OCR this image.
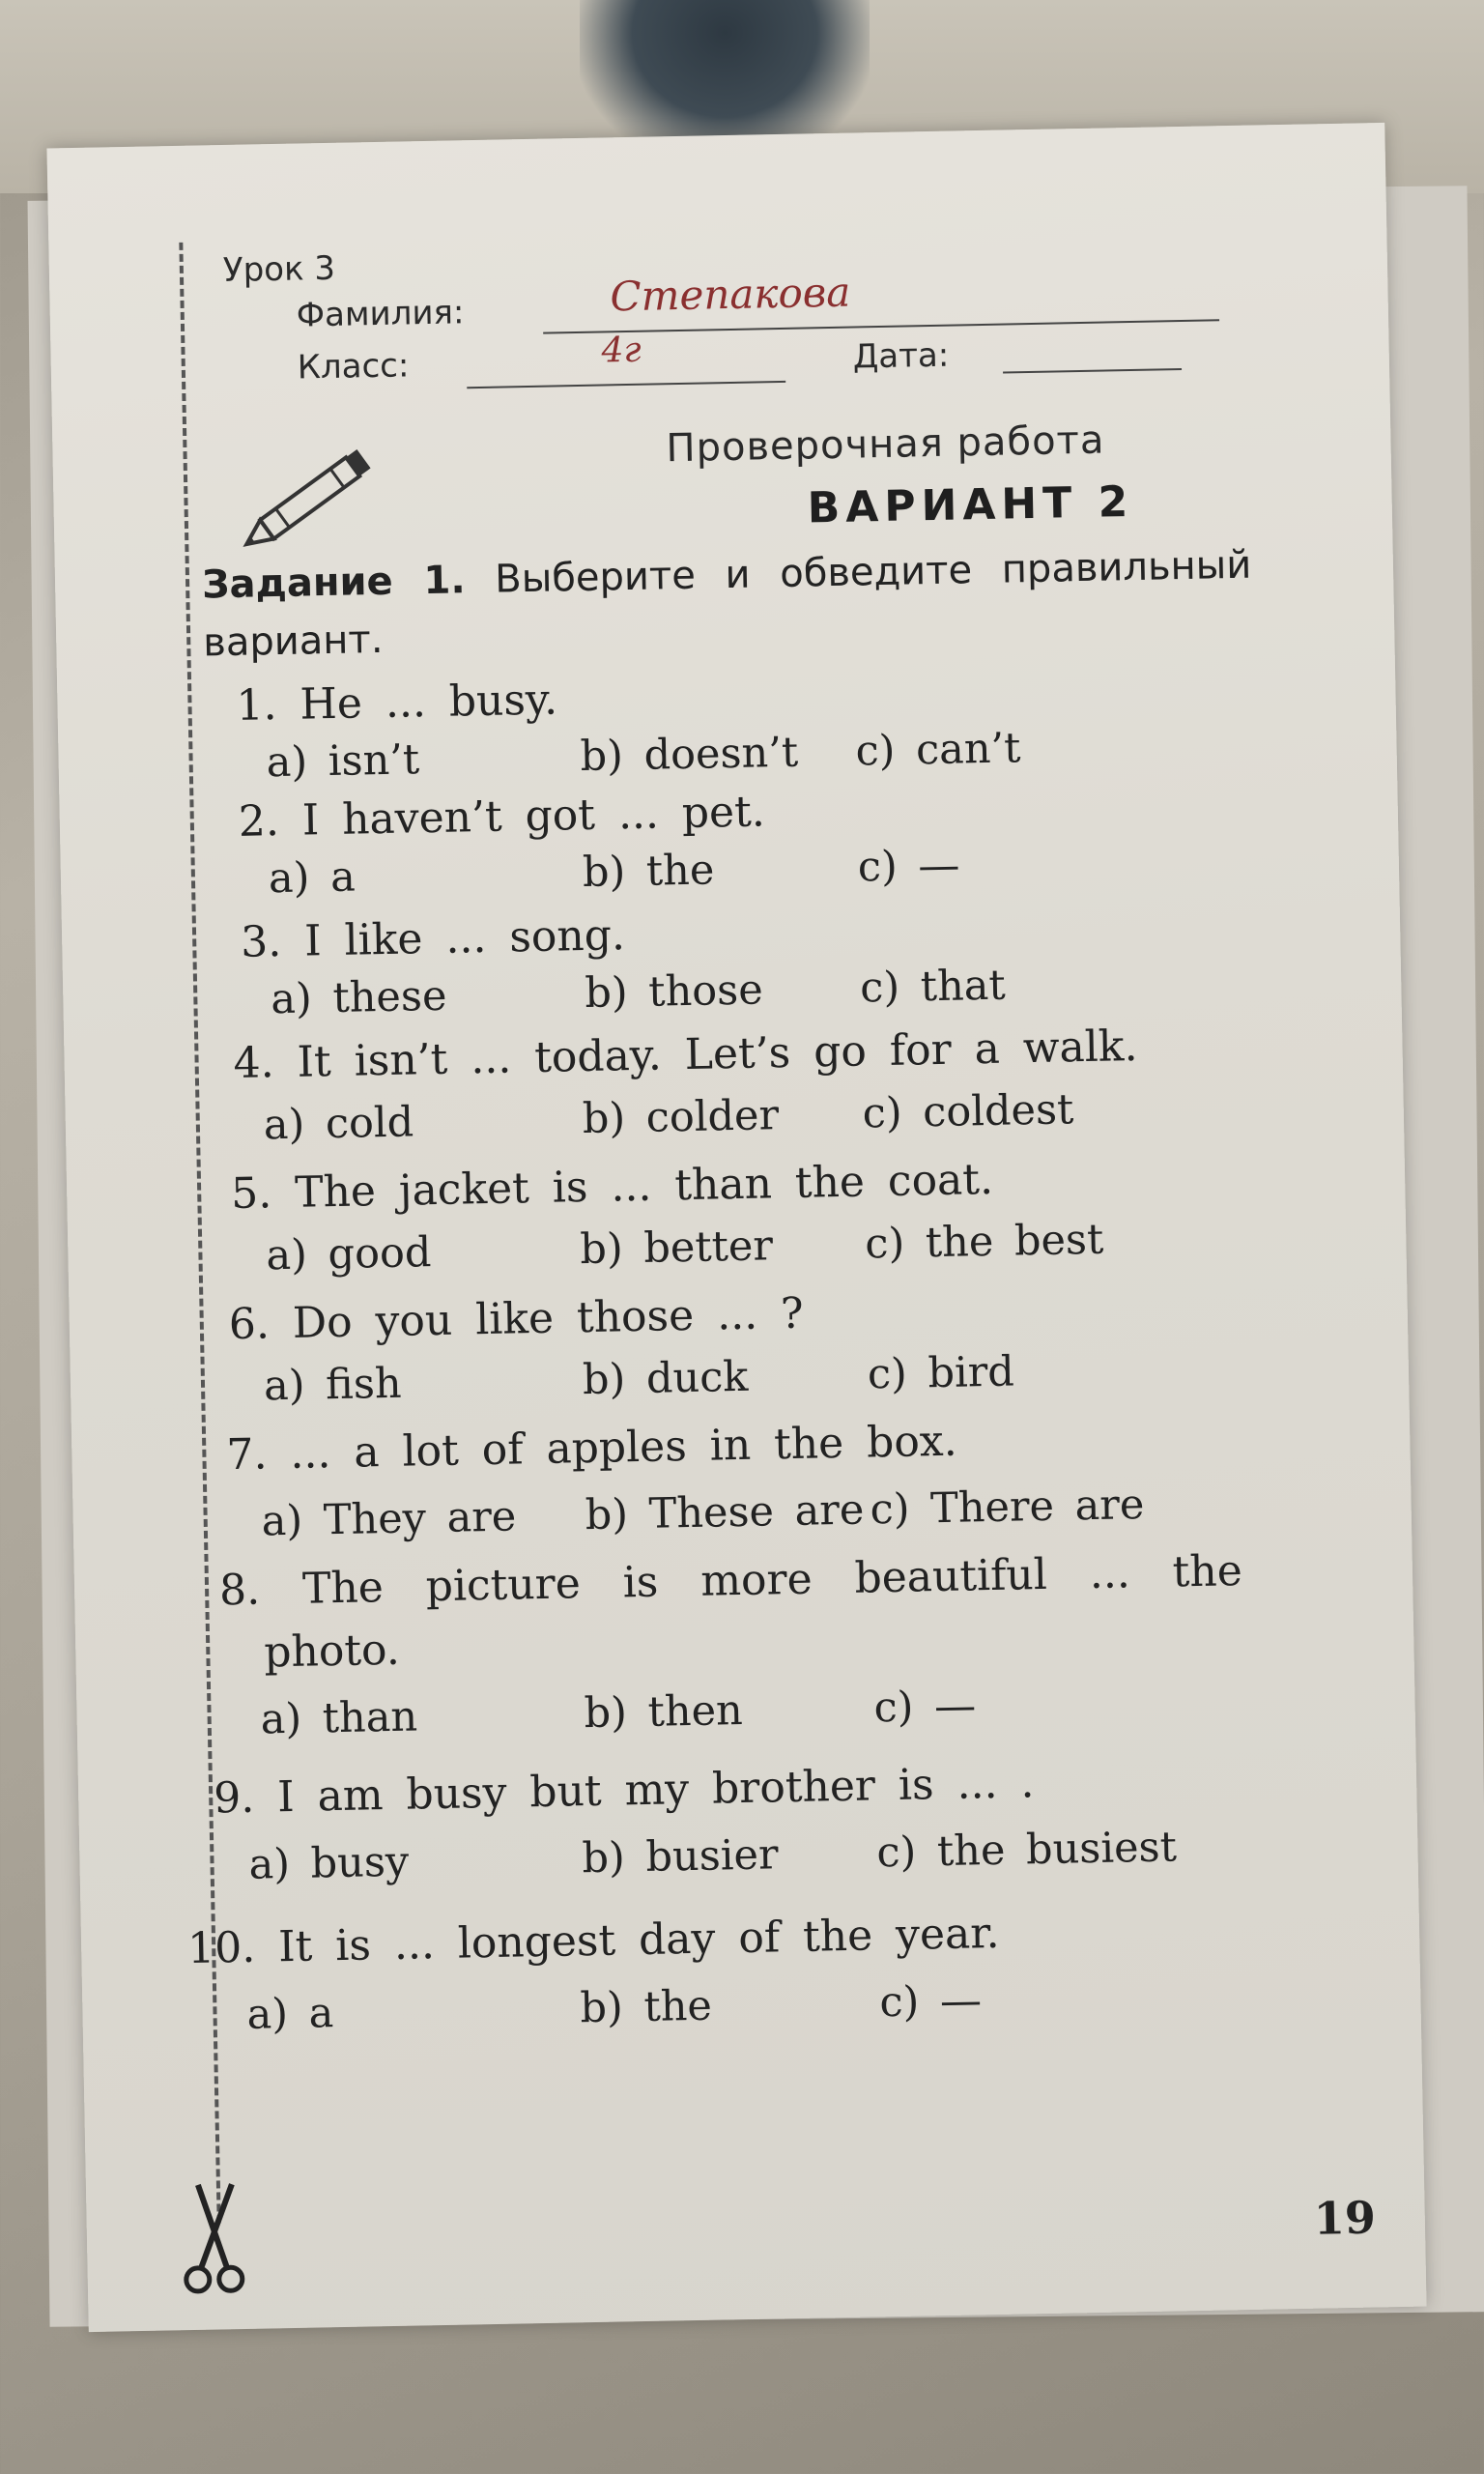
Урок 3
Фамилия:	Степакова
Класс:	4г	Дата:
Проверочная работа
ВАРИАНТ 2
Задание 1. Выберите и обведите правильный вариант.
1. He ... busy.
a) isn’t	b) doesn’t c) can’t
2. I haven’t got ... pet.
a) a	b) the	c) —
3. I like ... song.
a) these	b) those c) that
4. It isn’t ... today. Let’s go for a walk.
a) cold	b) colder c) coldest
5. The jacket is ... than the coat.
a) good	b) better c) the best
6. Do you like those ... ?
a) fish	b) duck	c) bird
7. ... a lot of apples in the box.
a) They are b) These are c) There are
8. The picture is more beautiful ... the
photo.
a) than	b) then	c) —
9. I am busy but my brother is ... .
a) busy	b) busier c) the busiest
10. It is ... longest day of the year.
a) a	b) the	c) —
19
